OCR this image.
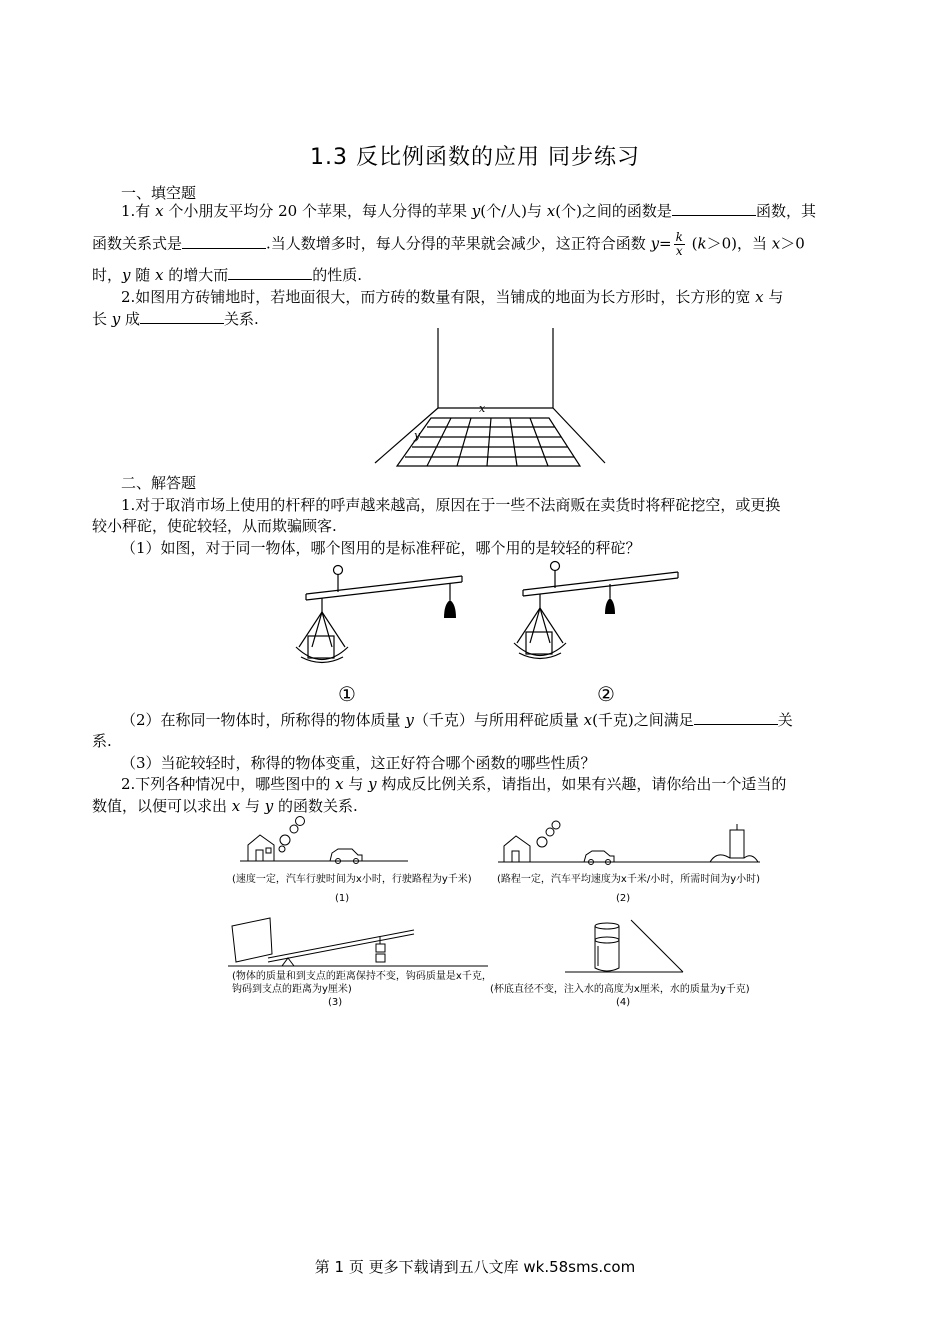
1.3 反比例函数的应用 同步练习
一、填空题
1.有 x 个小朋友平均分 20 个苹果，每人分得的苹果 y(个/人)与 x(个)之间的函数是	函数，其
函数关系式是	.当人数增多时，每人分得的苹果就会减少，这正符合函数 $y= \frac{k}{x} (k>0)$，当 x＞0
时，y 随 x 的增大而	的性质.
2.如图用方砖铺地时，若地面很大，而方砖的数量有限，当铺成的地面为长方形时，长方形的宽 x 与
长 y 成	关系.
x
y
二、解答题
1.对于取消市场上使用的杆秤的呼声越来越高，原因在于一些不法商贩在卖货时将秤砣挖空，或更换
较小秤砣，使砣较轻，从而欺骗顾客.
（1）如图，对于同一物体，哪个图用的是标准秤砣，哪个用的是较轻的秤砣？
①	②
（2）在称同一物体时，所称得的物体质量 y（千克）与所用秤砣质量 x(千克)之间满足	关
系.
（3）当砣较轻时，称得的物体变重，这正好符合哪个函数的哪些性质？
2.下列各种情况中，哪些图中的 x 与 y 构成反比例关系，请指出，如果有兴趣，请你给出一个适当的
数值，以便可以求出 x 与 y 的函数关系.
(速度一定，汽车行驶时间为x小时，行驶路程为y千米)
(1)
(路程一定，汽车平均速度为x千米/小时，所需时间为y小时)
(2)
(物体的质量和到支点的距离保持不变，钩码质量是x千克，
钩码到支点的距离为y厘米)
(3)
(杯底直径不变，注入水的高度为x厘米，水的质量为y千克)
(4)
第 1 页 更多下载请到五八文库 wk.58sms.com
